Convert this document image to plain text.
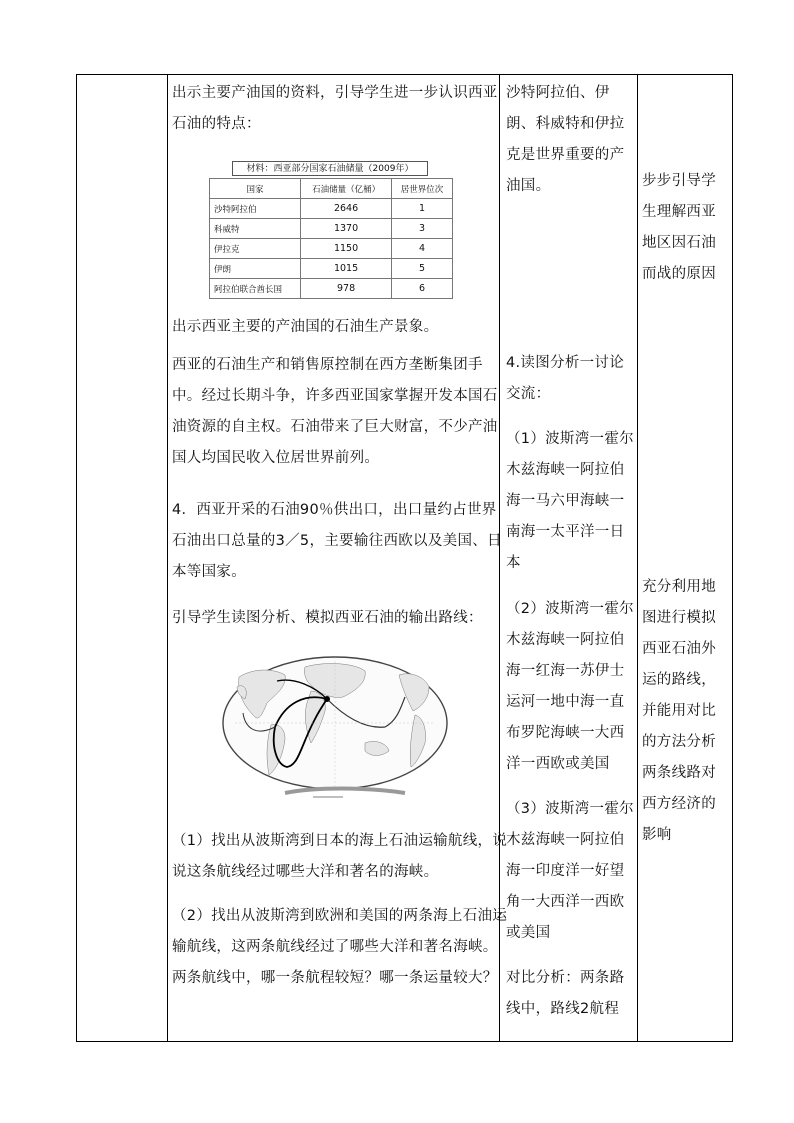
出示主要产油国的资料，引导学生进一步认识西亚
石油的特点：
材料：西亚部分国家石油储量（2009年）
国家	石油储量（亿桶）	居世界位次
沙特阿拉伯	2646	1
科威特	1370	3
伊拉克	1150	4
伊朗	1015	5
阿拉伯联合酋长国	978	6
出示西亚主要的产油国的石油生产景象。
西亚的石油生产和销售原控制在西方垄断集团手
中。经过长期斗争，许多西亚国家掌握开发本国石
油资源的自主权。石油带来了巨大财富，不少产油
国人均国民收入位居世界前列。
4．西亚开采的石油90％供出口，出口量约占世界
石油出口总量的3／5，主要输往西欧以及美国、日
本等国家。
引导学生读图分析、模拟西亚石油的输出路线：
（1）找出从波斯湾到日本的海上石油运输航线，说
说这条航线经过哪些大洋和著名的海峡。
（2）找出从波斯湾到欧洲和美国的两条海上石油运
输航线，这两条航线经过了哪些大洋和著名海峡。
两条航线中，哪一条航程较短？哪一条运量较大？
沙特阿拉伯、伊
朗、科威特和伊拉
克是世界重要的产
油国。
4.读图分析一讨论
交流：
（1）波斯湾一霍尔
木兹海峡一阿拉伯
海一马六甲海峡一
南海一太平洋一日
本
（2）波斯湾一霍尔
木兹海峡一阿拉伯
海一红海一苏伊士
运河一地中海一直
布罗陀海峡一大西
洋一西欧或美国
（3）波斯湾一霍尔
木兹海峡一阿拉伯
海一印度洋一好望
角一大西洋一西欧
或美国
对比分析：两条路
线中，路线2航程
步步引导学
生理解西亚
地区因石油
而战的原因
充分利用地
图进行模拟
西亚石油外
运的路线，
并能用对比
的方法分析
两条线路对
西方经济的
影响
